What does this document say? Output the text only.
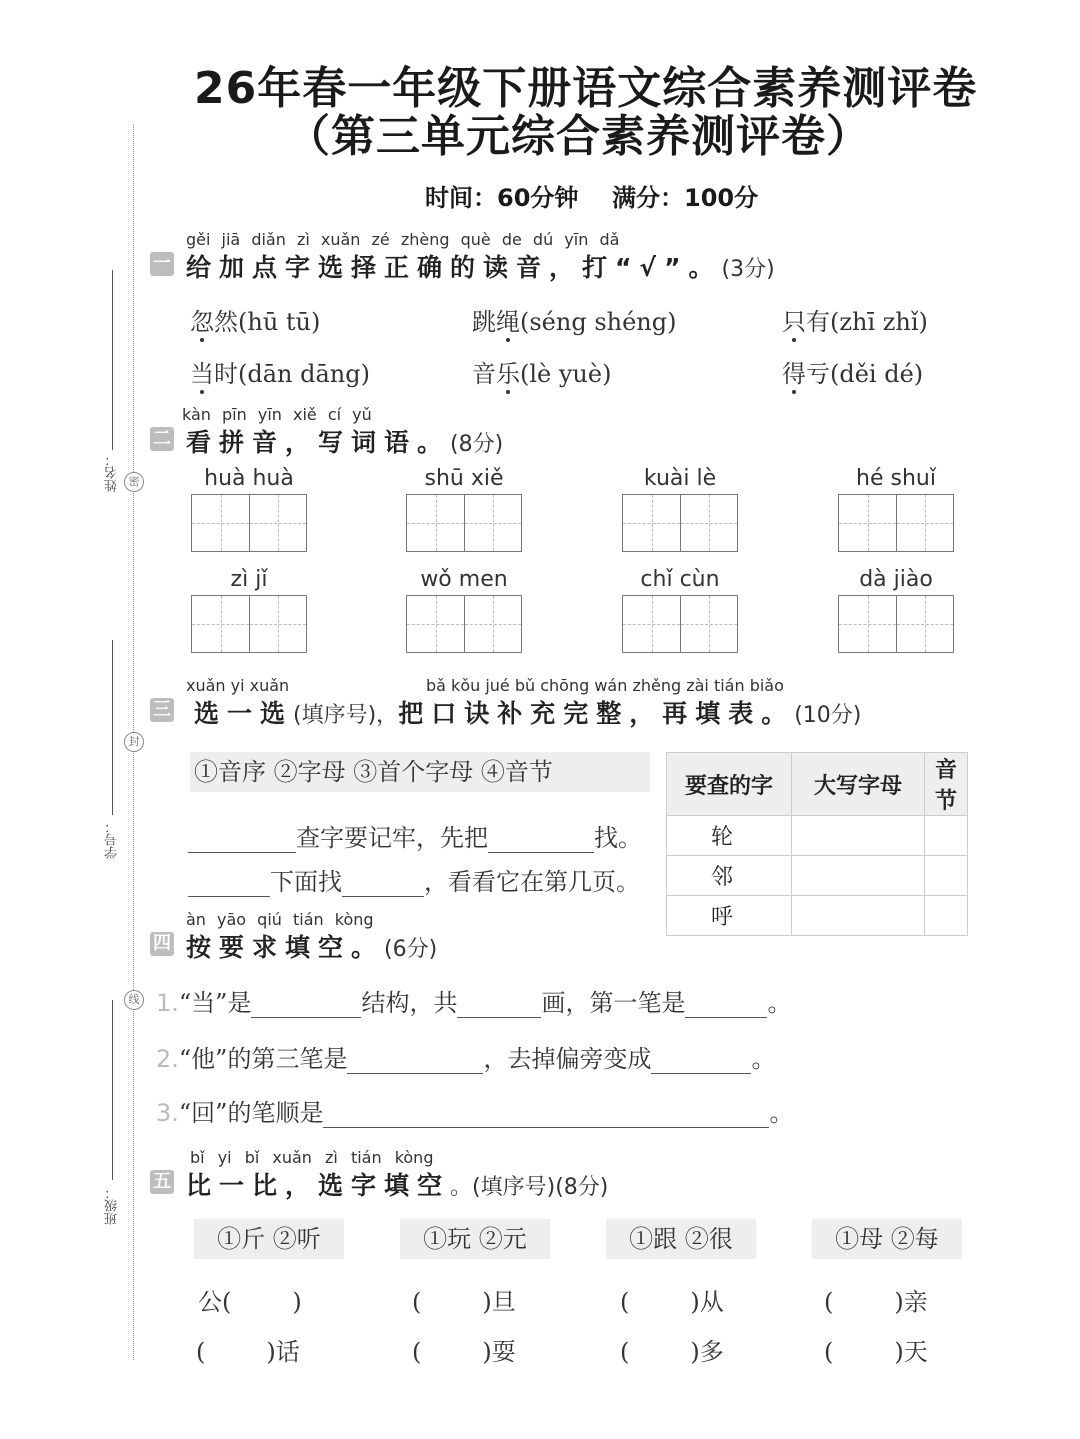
姓名： 密
学号：
封
线
班级：
26年春一年级下册语文综合素养测评卷
（第三单元综合素养测评卷）
时间：60分钟 满分：100分
gěi jiā diǎn zì xuǎn zé zhèng què de dú yīn dǎ
一 给加点字选择正确的读音，打“√”。(3分)
忽然(hū tū)	跳绳(séng shéng)	只有(zhī zhǐ)
当时(dān dāng)	音乐(lè yuè)	得亏(děi dé)
kàn pīn yīn xiě cí yǔ
二 看拼音，写词语。(8分)
huà huà	shū xiě	kuài lè	hé shuǐ
zì jǐ	wǒ men	chǐ cùn	dà jiào
xuǎn yi xuǎn	bǎ kǒu jué bǔ chōng wán zhěng zài tián biǎo
三 选一选(填序号)，把口诀补充完整，再填表。(10分)
①音序 ②字母 ③首个字母 ④音节
查字要记牢，先把	找。
下面找	，看看它在第几页。
要查的字	大写字母	音节
轮		
邻		
呼		
àn yāo qiú tián kòng
四 按要求填空。(6分)
1.“当”是	结构，共	画，第一笔是	。
2.“他”的第三笔是	，去掉偏旁变成	。
3.“回”的笔顺是	。
bǐ yi bǐ xuǎn zì tián kòng
五 比一比，选字填空。(填序号)(8分)
①斤 ②听	①玩 ②元	①跟 ②很	①母 ②每
公(        )	(        )旦	(        )从	(        )亲
(        )话	(        )耍	(        )多	(        )天
